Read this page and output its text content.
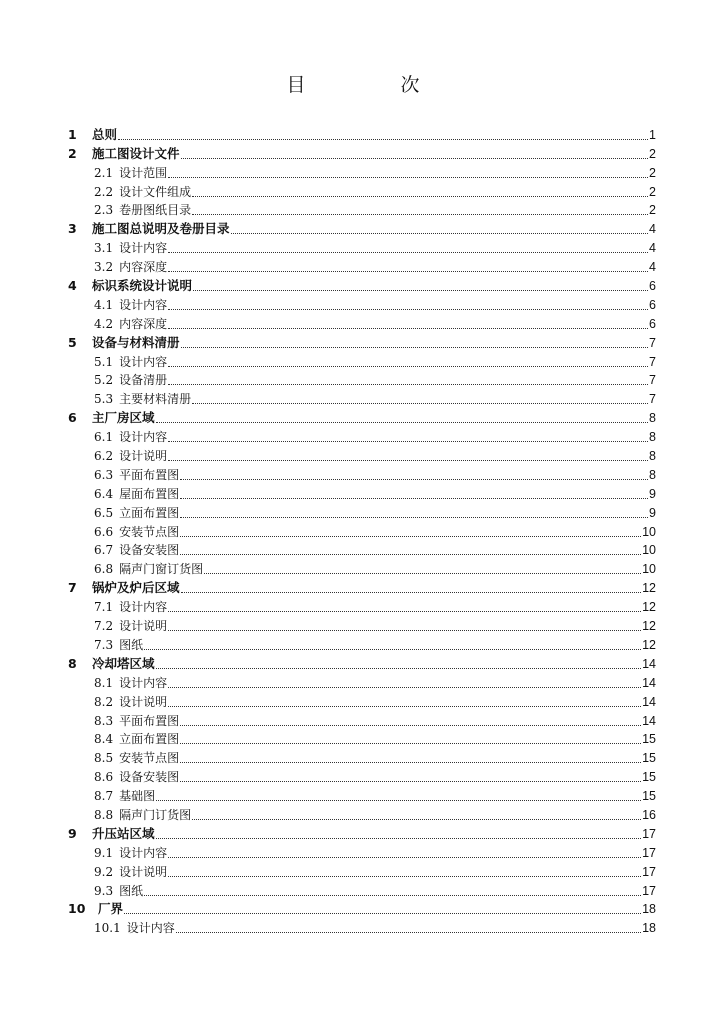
目　次
1	总则	1
2	施工图设计文件	2
2.1 设计范围	2
2.2 设计文件组成	2
2.3 卷册图纸目录	2
3	施工图总说明及卷册目录	4
3.1 设计内容	4
3.2 内容深度	4
4	标识系统设计说明	6
4.1 设计内容	6
4.2 内容深度	6
5	设备与材料清册	7
5.1 设计内容	7
5.2 设备清册	7
5.3 主要材料清册	7
6	主厂房区域	8
6.1 设计内容	8
6.2 设计说明	8
6.3 平面布置图	8
6.4 屋面布置图	9
6.5 立面布置图	9
6.6 安装节点图	10
6.7 设备安装图	10
6.8 隔声门窗订货图	10
7	锅炉及炉后区域	12
7.1 设计内容	12
7.2 设计说明	12
7.3 图纸	12
8	冷却塔区域	14
8.1 设计内容	14
8.2 设计说明	14
8.3 平面布置图	14
8.4 立面布置图	15
8.5 安装节点图	15
8.6 设备安装图	15
8.7 基础图	15
8.8 隔声门订货图	16
9	升压站区域	17
9.1 设计内容	17
9.2 设计说明	17
9.3 图纸	17
10	厂界	18
10.1 设计内容	18
